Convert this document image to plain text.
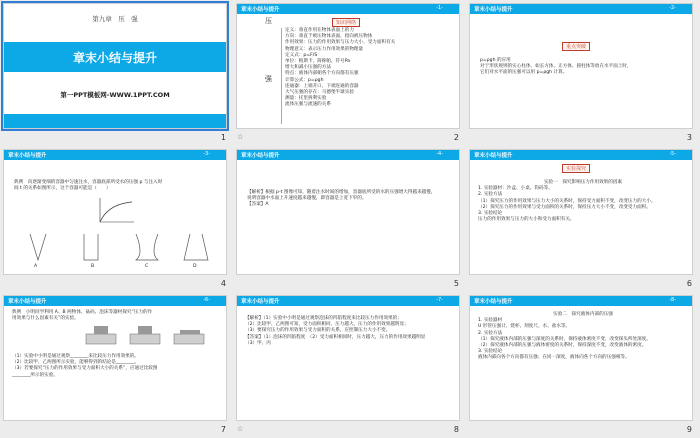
第九章　压　强
章末小结与提升
第一PPT模板网-WWW.1PPT.COM
1
章末小结与提升	-1-
压	知识网络
强
定义：垂直作用在物体表面上的力
方向：垂直于被压物体表面，指向被压物体
作用效果：压力的作用效果与压力大小、受力面积有关
物理意义：表示压力作用效果的物理量
定义式：p=F/S
单位：帕斯卡，简称帕，符号Pa
增大和减小压强的方法
特点：液体内部朝各个方向都有压强
计算公式：p=ρgh
连通器：上端开口、下端连通的容器
大气压强的存在：马德堡半球实验
测量：托里拆利实验
流体压强与流速的关系
☆	2
章末小结与提升	-2-
重点突破
p=ρgh 的应用
对于形状规则的实心柱体，如长方体、正方体、圆柱体等放在水平面上时，
它们对水平面的压强可以用 p=ρgh 计算。
3
章末小结与提升	-3-
典例　向逐渐变细的容器中匀速注水，容器底部所受水的压强 p 与注入时
间 t 的关系如图所示，这个容器可能是（　　）
A	B	C	D
4
章末小结与提升	-4-
【解析】根据 p-t 图像可知，随着注水时间的增加，容器底所受的水的压强增大得越来越慢，
说明容器中水面上升速度越来越慢，即容器是上宽下窄的。
【答案】A
5
章末小结与提升	-5-
实验探究
实验一　探究影响压力作用效果的因素
1. 实验器材：沙盒、小桌、钩码等。
2. 实验方法
（1）探究压力的作用效果与压力大小的关系时，保持受力面积不变，改变压力的大小。
（2）探究压力的作用效果与受力面积的关系时，保持压力大小不变，改变受力面积。
3. 实验结论
压力的作用效果与压力的大小和受力面积有关。
6
章末小结与提升	-6-
典例　小明同学利用 A、B 两物体、砝码、泡沫等器材探究“压力的作
用效果与什么因素有关”的实验。
（1）实验中小明是通过观察________来比较压力作用效果的。
（2）比较甲、乙两图所示实验，能够得到的结论是________。
（3）若要探究“压力的作用效果与受力面积大小的关系”，应通过比较图
________所示的实验。
7
章末小结与提升	-7-
【解析】（1）实验中小明是通过观察泡沫的凹陷程度来比较压力作用效果的；
（2）比较甲、乙两图可知，受力面积相同，压力越大，压力的作用效果越明显；
（3）要探究压力的作用效果与受力面积的关系，应控制压力大小不变。
【答案】（1）泡沫的凹陷程度　（2）受力面积相同时，压力越大，压力的作用效果越明显
（3）甲、丙
☆	8
章末小结与提升	-8-
实验二　探究液体内部的压强
1. 实验器材
U 形管压强计、烧杯、刻度尺、水、盐水等。
2. 实验方法
（1）探究液体内部的压强与深度的关系时，保持液体密度不变，改变探头所处深度。
（2）探究液体内部的压强与液体密度的关系时，保持深度不变，改变液体的密度。
3. 实验结论
液体内部向各个方向都有压强；在同一深度，液体向各个方向的压强相等。
9
